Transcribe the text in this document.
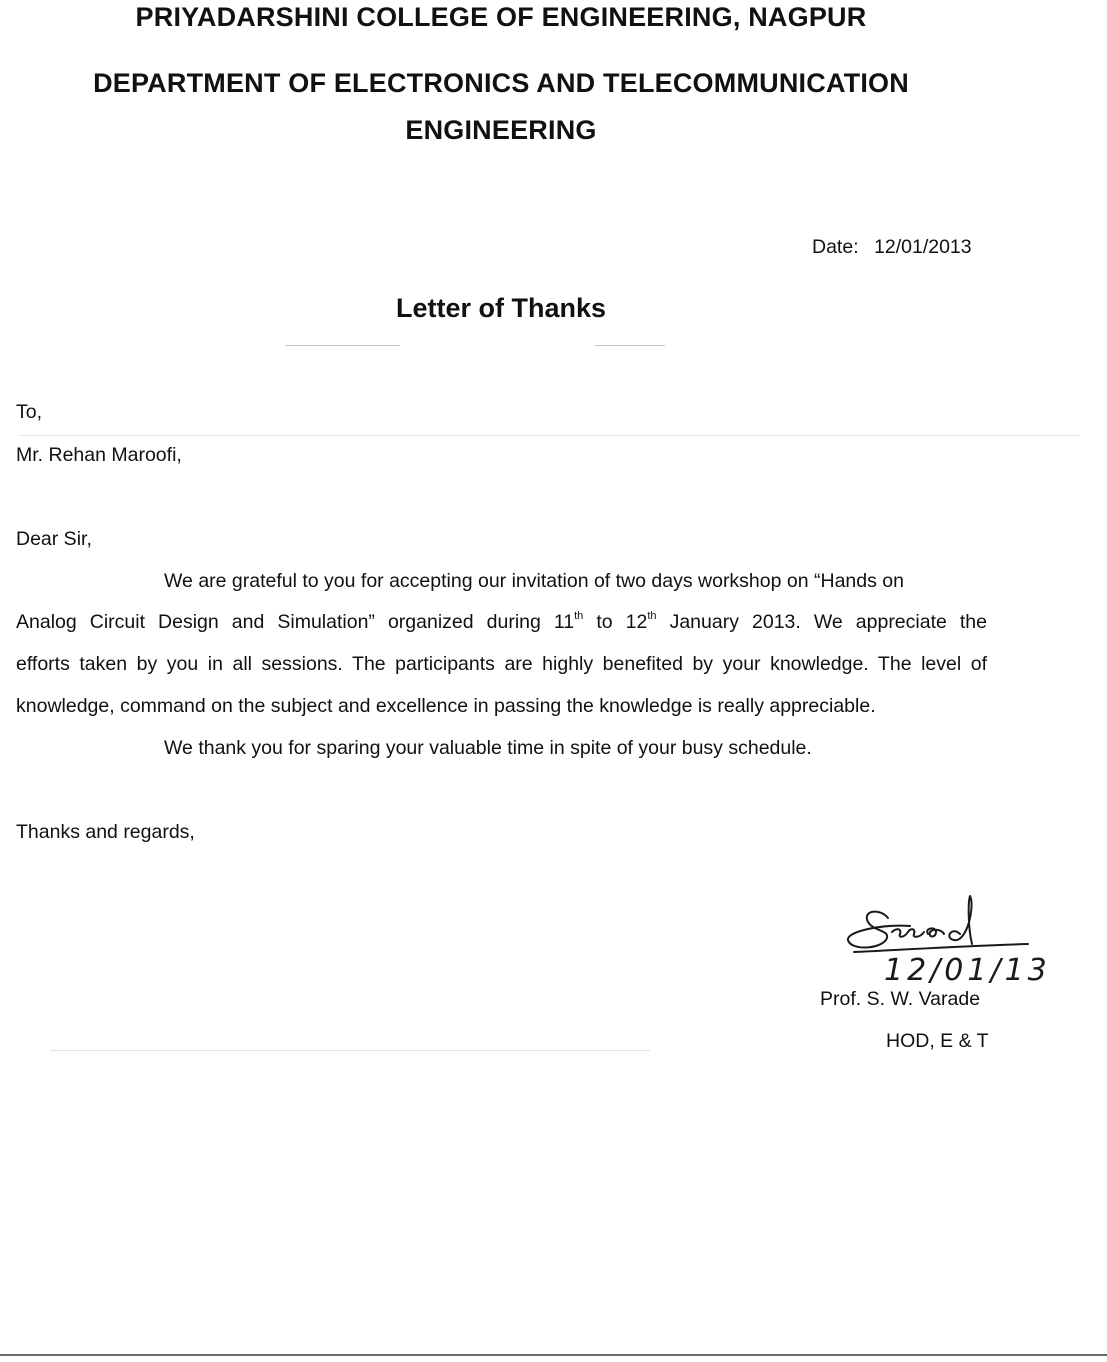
PRIYADARSHINI COLLEGE OF ENGINEERING, NAGPUR
DEPARTMENT OF ELECTRONICS AND TELECOMMUNICATION
ENGINEERING
Date: 12/01/2013
Letter of Thanks
To,
Mr. Rehan Maroofi,
Dear Sir,
We are grateful to you for accepting our invitation of two days workshop on “Hands on
Analog Circuit Design and Simulation” organized during 11th to 12th January 2013. We appreciate the
efforts taken by you in all sessions. The participants are highly benefited by your knowledge. The level of
knowledge, command on the subject and excellence in passing the knowledge is really appreciable.
We thank you for sparing your valuable time in spite of your busy schedule.
Thanks and regards,
12/01/13
Prof. S. W. Varade
HOD, E & T
